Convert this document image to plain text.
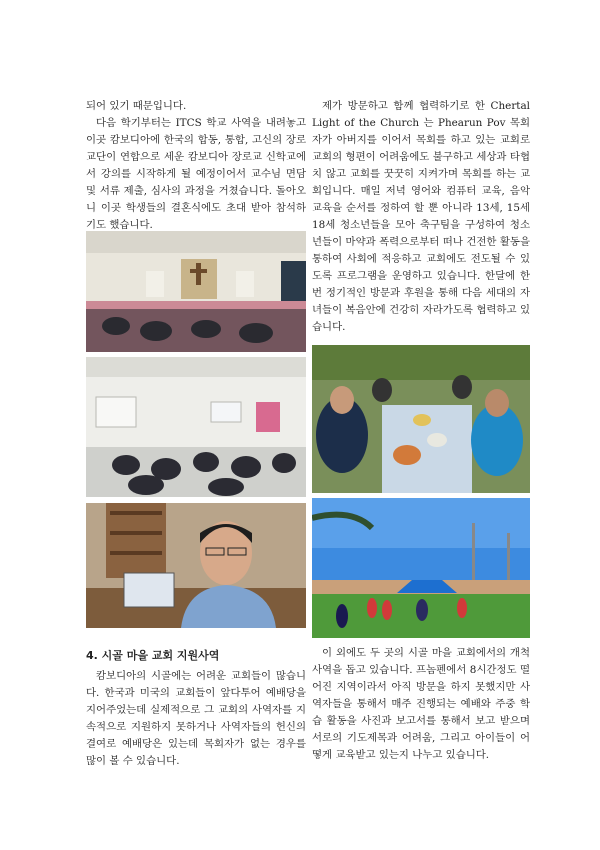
되어 있기 때문입니다.

다음 학기부터는 ITCS 학교 사역을 내려놓고 이곳 캄보디아에 한국의 합동, 통합, 고신의 장로교단이 연합으로 세운 캄보디아 장로교 신학교에서 강의를 시작하게 될 예정이어서 교수님 면담 및 서류 제출, 심사의 과정을 거쳤습니다. 돌아오니 이곳 학생들의 결혼식에도 초대 받아 참석하기도 했습니다.

제가 방문하고 함께 협력하기로 한 Chertal Light of the Church 는 Phearun Pov 목회자가 아버지를 이어서 목회를 하고 있는 교회로 교회의 형편이 어려움에도 불구하고 세상과 타협치 않고 교회를 꿋꿋히 지켜가며 목회를 하는 교회입니다. 매일 저녁 영어와 컴퓨터 교육, 음악 교육을 순서를 정하여 할 뿐 아니라 13세, 15세 18세 청소년들을 모아 축구팀을 구성하여 청소년들이 마약과 폭력으로부터 떠나 건전한 활동을 통하여 사회에 적응하고 교회에도 전도될 수 있도록 프로그램을 운영하고 있습니다. 한달에 한번 정기적인 방문과 후원을 통해 다음 세대의 자녀들이 복음안에 건강히 자라가도록 협력하고 있습니다.

4. 시골 마을 교회 지원사역

캄보디아의 시골에는 어려운 교회들이 많습니다. 한국과 미국의 교회들이 앞다투어 예배당을 지어주었는데 실제적으로 그 교회의 사역자를 지속적으로 지원하지 못하거나 사역자들의 헌신의 결여로 예배당은 있는데 목회자가 없는 경우를 많이 볼 수 있습니다.

이 외에도 두 곳의 시골 마을 교회에서의 개척 사역을 돕고 있습니다. 프놈펜에서 8시간정도 떨어진 지역이라서 아직 방문을 하지 못했지만 사역자들을 통해서 매주 진행되는 예배와 주중 학습 활동을 사진과 보고서를 통해서 보고 받으며 서로의 기도제목과 어려움, 그리고 아이들이 어떻게 교육받고 있는지 나누고 있습니다.
